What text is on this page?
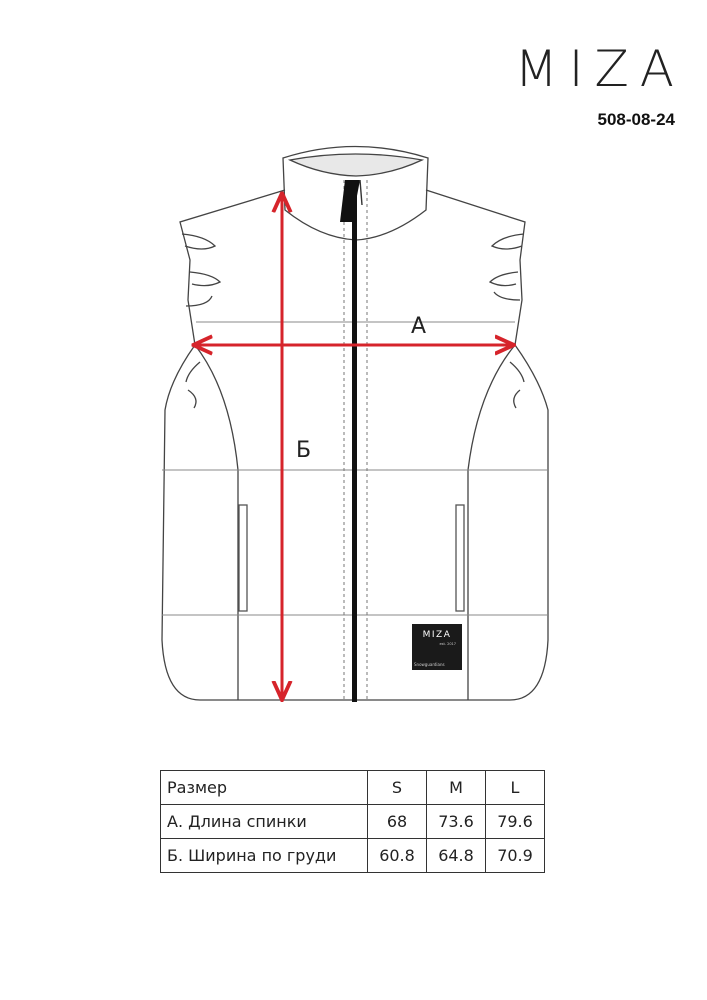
MIZA
508-08-24
MIZA
est. 2017
Snowguardians
А
Б
Размер	S	M	L
А. Длина спинки	68	73.6	79.6
Б. Ширина по груди	60.8	64.8	70.9
